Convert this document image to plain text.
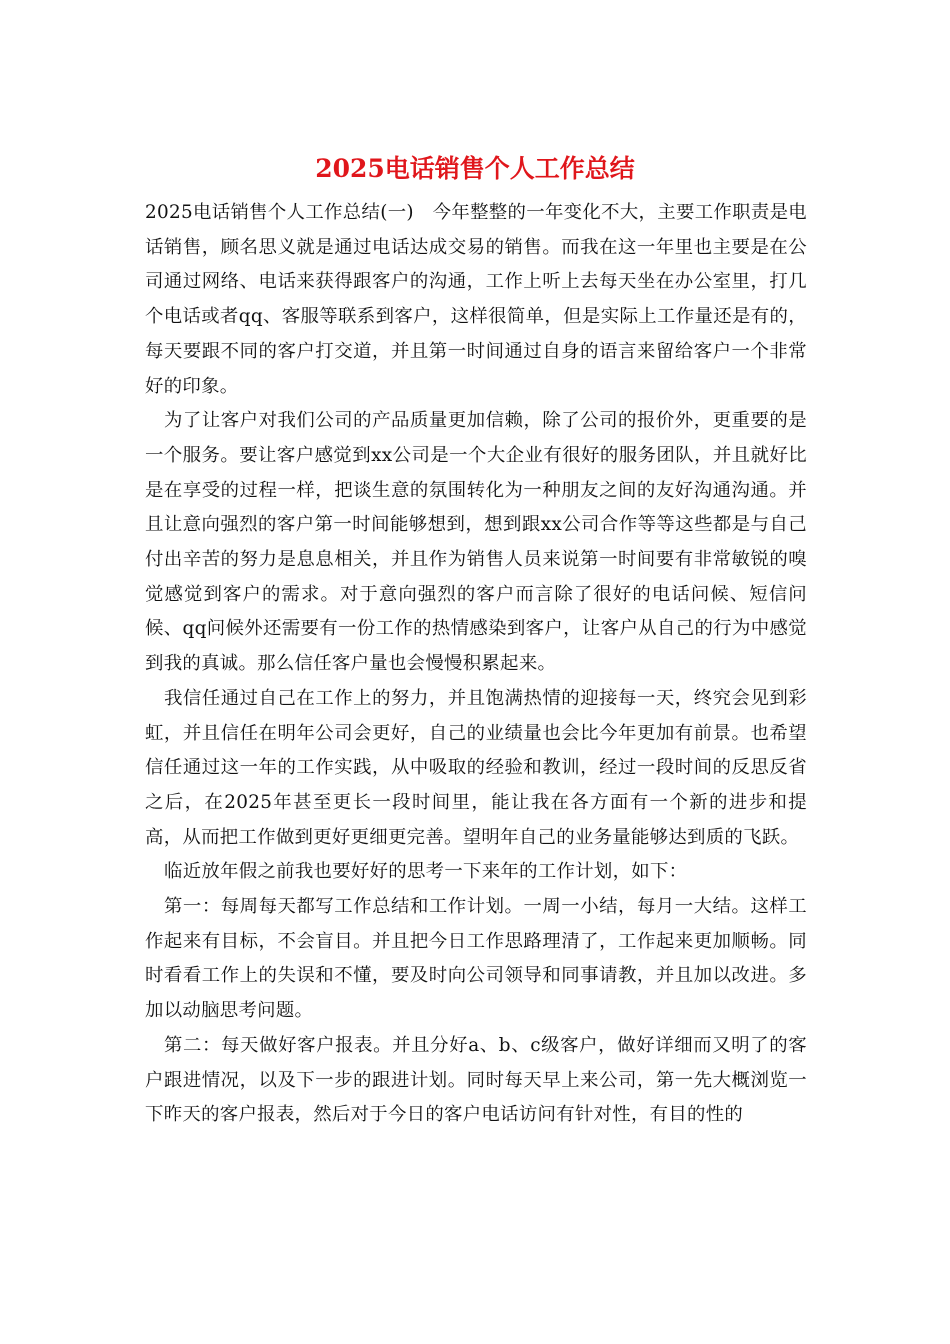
2025电话销售个人工作总结

2025电话销售个人工作总结(一)　今年整整的一年变化不大，主要工作职责是电话销售，顾名思义就是通过电话达成交易的销售。而我在这一年里也主要是在公司通过网络、电话来获得跟客户的沟通，工作上听上去每天坐在办公室里，打几个电话或者qq、客服等联系到客户，这样很简单，但是实际上工作量还是有的，每天要跟不同的客户打交道，并且第一时间通过自身的语言来留给客户一个非常好的印象。

为了让客户对我们公司的产品质量更加信赖，除了公司的报价外，更重要的是一个服务。要让客户感觉到xx公司是一个大企业有很好的服务团队，并且就好比是在享受的过程一样，把谈生意的氛围转化为一种朋友之间的友好沟通沟通。并且让意向强烈的客户第一时间能够想到，想到跟xx公司合作等等这些都是与自己付出辛苦的努力是息息相关，并且作为销售人员来说第一时间要有非常敏锐的嗅觉感觉到客户的需求。对于意向强烈的客户而言除了很好的电话问候、短信问候、qq问候外还需要有一份工作的热情感染到客户，让客户从自己的行为中感觉到我的真诚。那么信任客户量也会慢慢积累起来。

我信任通过自己在工作上的努力，并且饱满热情的迎接每一天，终究会见到彩虹，并且信任在明年公司会更好，自己的业绩量也会比今年更加有前景。也希望信任通过这一年的工作实践，从中吸取的经验和教训，经过一段时间的反思反省之后，在2025年甚至更长一段时间里，能让我在各方面有一个新的进步和提高，从而把工作做到更好更细更完善。望明年自己的业务量能够达到质的飞跃。

临近放年假之前我也要好好的思考一下来年的工作计划，如下：

第一：每周每天都写工作总结和工作计划。一周一小结，每月一大结。这样工作起来有目标，不会盲目。并且把今日工作思路理清了，工作起来更加顺畅。同时看看工作上的失误和不懂，要及时向公司领导和同事请教，并且加以改进。多加以动脑思考问题。

第二：每天做好客户报表。并且分好a、b、c级客户，做好详细而又明了的客户跟进情况，以及下一步的跟进计划。同时每天早上来公司，第一先大概浏览一下昨天的客户报表，然后对于今日的客户电话访问有针对性，有目的性的
